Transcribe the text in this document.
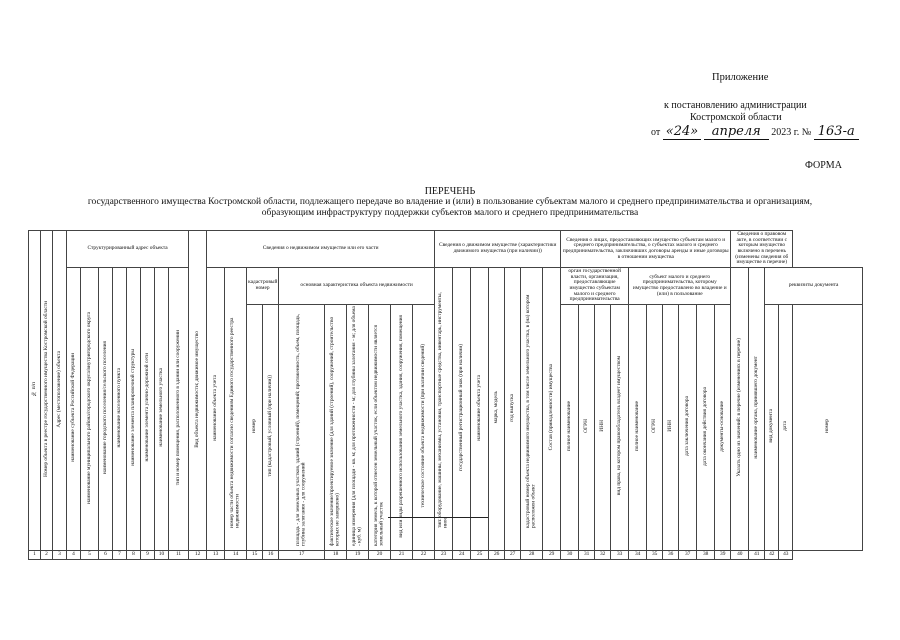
Приложение
к постановлению администрации
Костромской области
от «24» апреля 2023 г. № 163-а
ФОРМА
ПЕРЕЧЕНЬ
государственного имущества Костромской области, подлежащего передаче во владение и (или) в пользование субъектам малого и среднего предпринимательства и организациям,
образующим инфраструктуру поддержки субъектов малого и среднего предпринимательства
№ п/п	Номер объекта в реестре государственного имущества Костромской области	Адрес (местоположение) объекта	Структурированный адрес объекта								Вид объекта недвижимости; движимое имущество	Сведения о недвижимом имуществе или его части										Сведения о движимом имуществе (характеристики движимого имущества (при наличии))							Сведения о лицах, предоставляющих имущество субъектам малого и среднего предпринимательства, о субъектах малого и среднего предпринимательства, заключивших договоры аренды и иные договоры в отношении имущества										Сведения о правовом акте, в соответствии с которым имущество включено в перечень (изменены сведения об имуществе в перечне)				
			наименование субъекта Российской Федерации	наименование муниципального района/городского округа/внутригородского округа	наименование городского поселения/сельского поселения	наименование населенного пункта	наименование элемента планировочной структуры	наименование элемента улично-дорожной сети	наименование земельного участка	тип и номер помещения, расположенного в здании или сооружении		наименование объекта учета	номер части объекта недвижимости согласно сведениям Единого государственного реестра недвижимости	кадастровый номер		основная характеристика объекта недвижимости						тип: оборудование, машины, механизмы, установки, транспортные средства, инвентарь, инструменты, иное	государственный регистрационный знак (при наличии)	наименование объекта учета	марка, модель	год выпуска	кадастровый номер объекта недвижимого имущества, в том числе земельного участка, в (на) котором расположен объект	Состав (принадлежности) имущества	орган государственной власти, организация, предоставляющие имущество субъектам малого и среднего предпринимательства				субъект малого и среднего предпринимательства, которому имущество предоставлено во владение и (или) в пользование						Указать одно из значений: в перечне (изменениях в перечне)	наименование органа, принявшего документ	реквизиты документа		
														номер	тип (кадастровый, условный (при наличии))	площадь - для земельных участков, зданий (строений), помещений; протяженность, объем, площадь, глубина залегания - для сооружений	фактическое значение/проектируемое значение (для зданий (строений), сооружений, строительство которых не завершено)	единица измерения (для площади - кв. м; для протяженности - м; для глубины залегания - м; для объема - куб. м)	категория земель, к которой отнесен земельный участок, если объектом недвижимости является земельный участок	вид или виды разрешенного использования земельного участка, здания, сооружения, помещения	техническое состояние объекта недвижимости (при наличии сведений)								полное наименование	ОГРН	ИНН	вид права, на котором правообладатель владеет имуществом	полное наименование	ОГРН	ИНН	дата заключения договора	дата окончания действия договора	документы-основание			вид документа	дата	номер
1	2	3	4	5	6	7	8	9	10	11	12	13	14	15	16	17	18	19	20	21	22	23	24	25	26	27	28	29	30	31	32	33	34	35	36	37	38	39	40	41	42	43	
